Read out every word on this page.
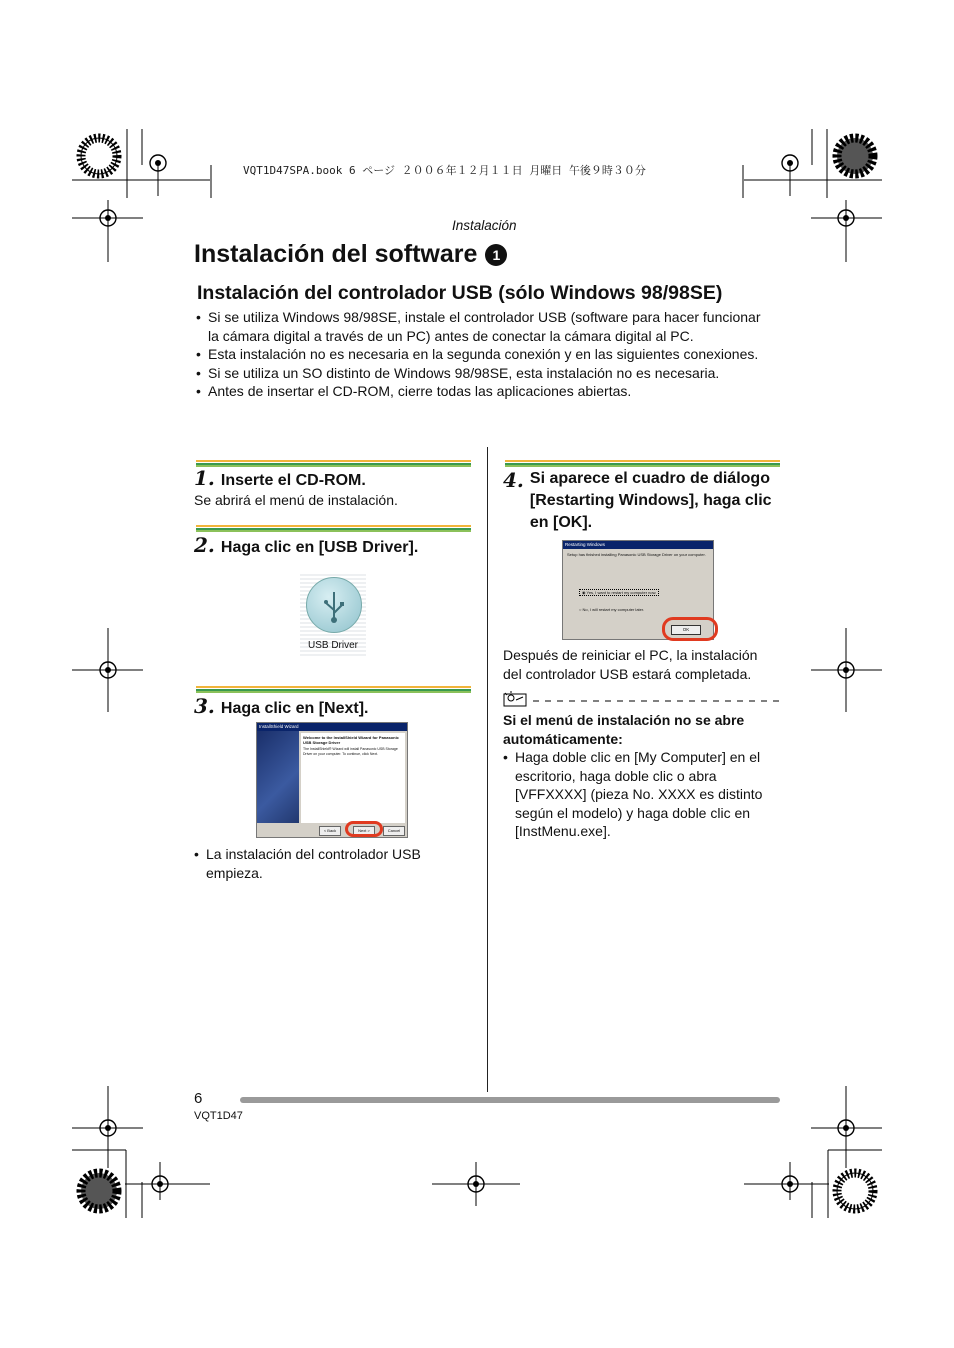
VQT1D47SPA.book 6 ページ ２００６年１２月１１日 月曜日 午後９時３０分
Instalación
Instalación del software	1
Instalación del controlador USB (sólo Windows 98/98SE)
• Si se utiliza Windows 98/98SE, instale el controlador USB (software para hacer funcionar la cámara digital a través de un PC) antes de conectar la cámara digital al PC.
• Esta instalación no es necesaria en la segunda conexión y en las siguientes conexiones.
• Si se utiliza un SO distinto de Windows 98/98SE, esta instalación no es necesaria.
• Antes de insertar el CD-ROM, cierre todas las aplicaciones abiertas.
1. Inserte el CD-ROM.
Se abrirá el menú de instalación.
2. Haga clic en [USB Driver].
USB Driver
3. Haga clic en [Next].
InstallShield Wizard
Welcome to the InstallShield Wizard for Panasonic USB Storage Driver
The InstallShield® Wizard will install Panasonic USB Storage Driver on your computer. To continue, click Next.
< Back	Next >	Cancel
• La instalación del controlador USB empieza.
4. Si aparece el cuadro de diálogo [Restarting Windows], haga clic en [OK].
Restarting Windows
Setup has finished installing Panasonic USB Storage Driver on your computer.
◉ Yes, I want to restart my computer now.
○ No, I will restart my computer later.
OK
Después de reiniciar el PC, la instalación del controlador USB estará completada.
Si el menú de instalación no se abre automáticamente:
• Haga doble clic en [My Computer] en el escritorio, haga doble clic o abra [VFFXXXX] (pieza No. XXXX es distinto según el modelo) y haga doble clic en [InstMenu.exe].
6
VQT1D47
